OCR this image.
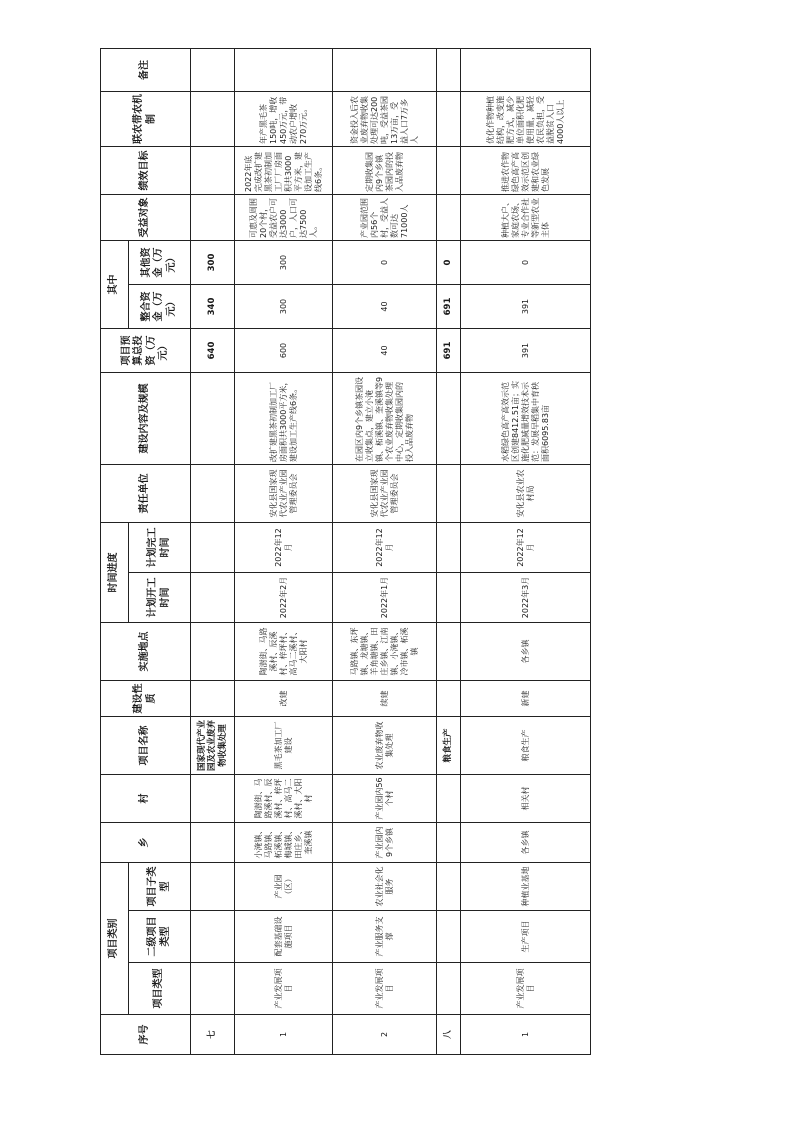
序号	项目类别			乡	村	项目名称	建设性质	实施地点	时间进度		责任单位	建设内容及规模	项目预算总投资（万元）	其中		受益对象	绩效目标	联农带农机制	备注
	项目类型	二级项目类型	项目子类型						计划开工时间	计划完工时间				整合资金（万元）	其他资金（万元）				
七						国家现代产业园及农业废弃物收集处理							640	340	300				
1	产业发展项目	配套基础设施项目	产业园（区）	小淹镇、马路镇、柘溪镇、梅城镇、田庄乡、奎溪镇	陶澍街、马路溪村、辰溪村、梓坪村、高马二溪村、大阳村	黑毛茶加工厂建设	改建	陶澍街、马路溪村、辰溪村、梓坪村、高马二溪村、大阳村	2022年2月	2022年12月	安化县国家现代农业产业园管理委员会	改扩建黑茶初制加工厂房面积共3000平方米，建设加工生产线6条。	600	300	300	可惠及周围20个村，受益农户可达3000户，人口可达7500人。	2022年底完成改扩建黑茶初制加工厂厂房面积共3000平方米，建设加工生产线6条。	年产黑毛茶150吨，增收450万元，带动农户增收270万元。	
2	产业发展项目	产业服务支撑	农业社会化服务	产业园内9个乡镇	产业园内56个村	农业废弃物收集处理	续建	马路镇、东坪镇、龙塘镇、羊角塘镇、田庄乡镇、江南镇、小淹镇、冷市镇、柘溪镇	2022年1月	2022年12月	安化县国家现代农业产业园管理委员会	在园区内9个乡镇茶园设立收集点，建立小淹镇、柘溪镇、奎溪镇等9个农业废弃物收集处理中心，定期收集园内的投入品废弃物	40	40	0	产业园范围内56个村，受益人数可达71000人	定期收集园内9个乡镇茶园内的投入品废弃物	资金投入后农业废弃物收集处理可达200吨，受益茶园13万亩，受益人口7万多人	
八						粮食生产							691	691	0				
1	产业发展项目	生产项目	种植业基地	各乡镇	相关村	粮食生产	新建	各乡镇	2022年3月	2022年12月	安化县农业农村局	水稻绿色高产高效示范区创建8412.51亩；实施化肥减量增效技术示范：发展早稻集中育秧面积6095.83亩	391	391	0	种植大户、家庭农场、专业合作社等新型农业主体	推进农作物绿色高产高效示范区创建和农业绿色发展	优化作物种植结构，改变施肥方式，减少单位面积化肥使用量，减轻农民负担，受益脱贫人口4000人以上	
